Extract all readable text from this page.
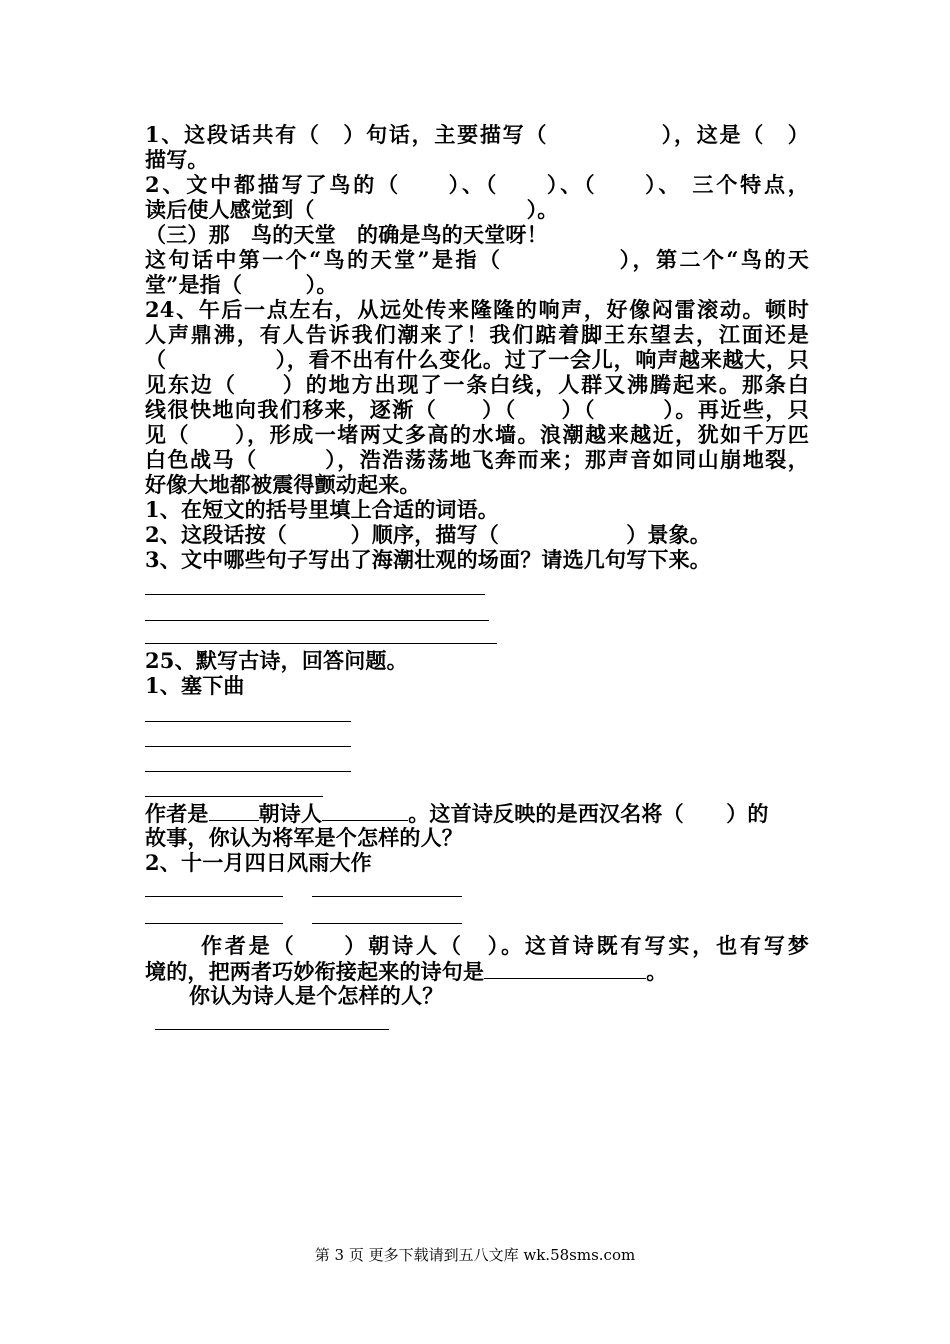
1、这段话共有（　）句话，主要描写（　　　　　），这是（　）
描写。
2、文中都描写了鸟的（　　）、（　　）、（　　）、 三个特点，
读后使人感觉到（　　　　　　　　　　）。
（三）那　鸟的天堂　的确是鸟的天堂呀！
这句话中第一个“鸟的天堂”是指（　　　　　），第二个“鸟的天
堂”是指（　　　）。
24、午后一点左右，从远处传来隆隆的响声，好像闷雷滚动。顿时
人声鼎沸，有人告诉我们潮来了！我们踮着脚王东望去，江面还是
（　　　　　），看不出有什么变化。过了一会儿，响声越来越大，只
见东边（　　）的地方出现了一条白线，人群又沸腾起来。那条白
线很快地向我们移来，逐渐（　　）（　　）（　　　）。再近些，只
见（　　），形成一堵两丈多高的水墙。浪潮越来越近，犹如千万匹
白色战马（　　　），浩浩荡荡地飞奔而来；那声音如同山崩地裂，
好像大地都被震得颤动起来。
1、在短文的括号里填上合适的词语。
2、这段话按（　　　）顺序，描写（　　　　　　）景象。
3、文中哪些句子写出了海潮壮观的场面？请选几句写下来。
25、默写古诗，回答问题。
1、塞下曲
作者是 朝诗人	。这首诗反映的是西汉名将（　　）的
故事，你认为将军是个怎样的人？
2、十一月四日风雨大作
作者是（　　）朝诗人（　）。这首诗既有写实，也有写梦
境的，把两者巧妙衔接起来的诗句是	。
你认为诗人是个怎样的人？
第 3 页 更多下载请到五八文库 wk.58sms.com
